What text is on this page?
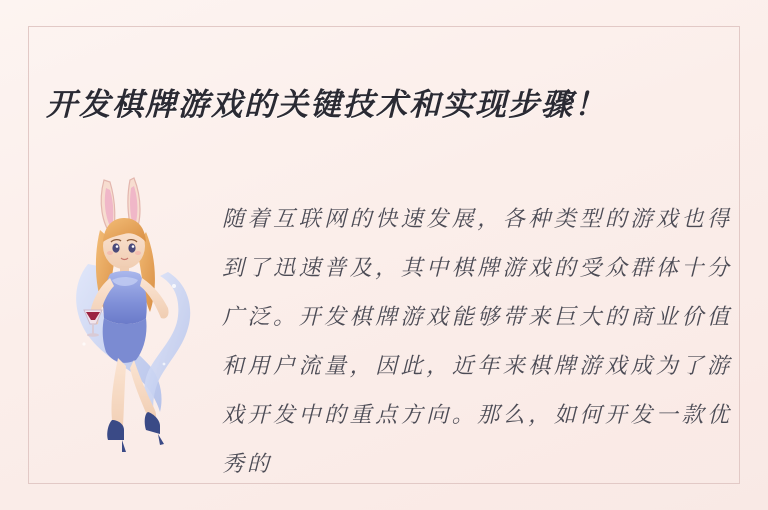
开发棋牌游戏的关键技术和实现步骤！

随着互联网的快速发展，各种类型的游戏也得到了迅速普及，其中棋牌游戏的受众群体十分广泛。开发棋牌游戏能够带来巨大的商业价值和用户流量，因此，近年来棋牌游戏成为了游戏开发中的重点方向。那么，如何开发一款优秀的
